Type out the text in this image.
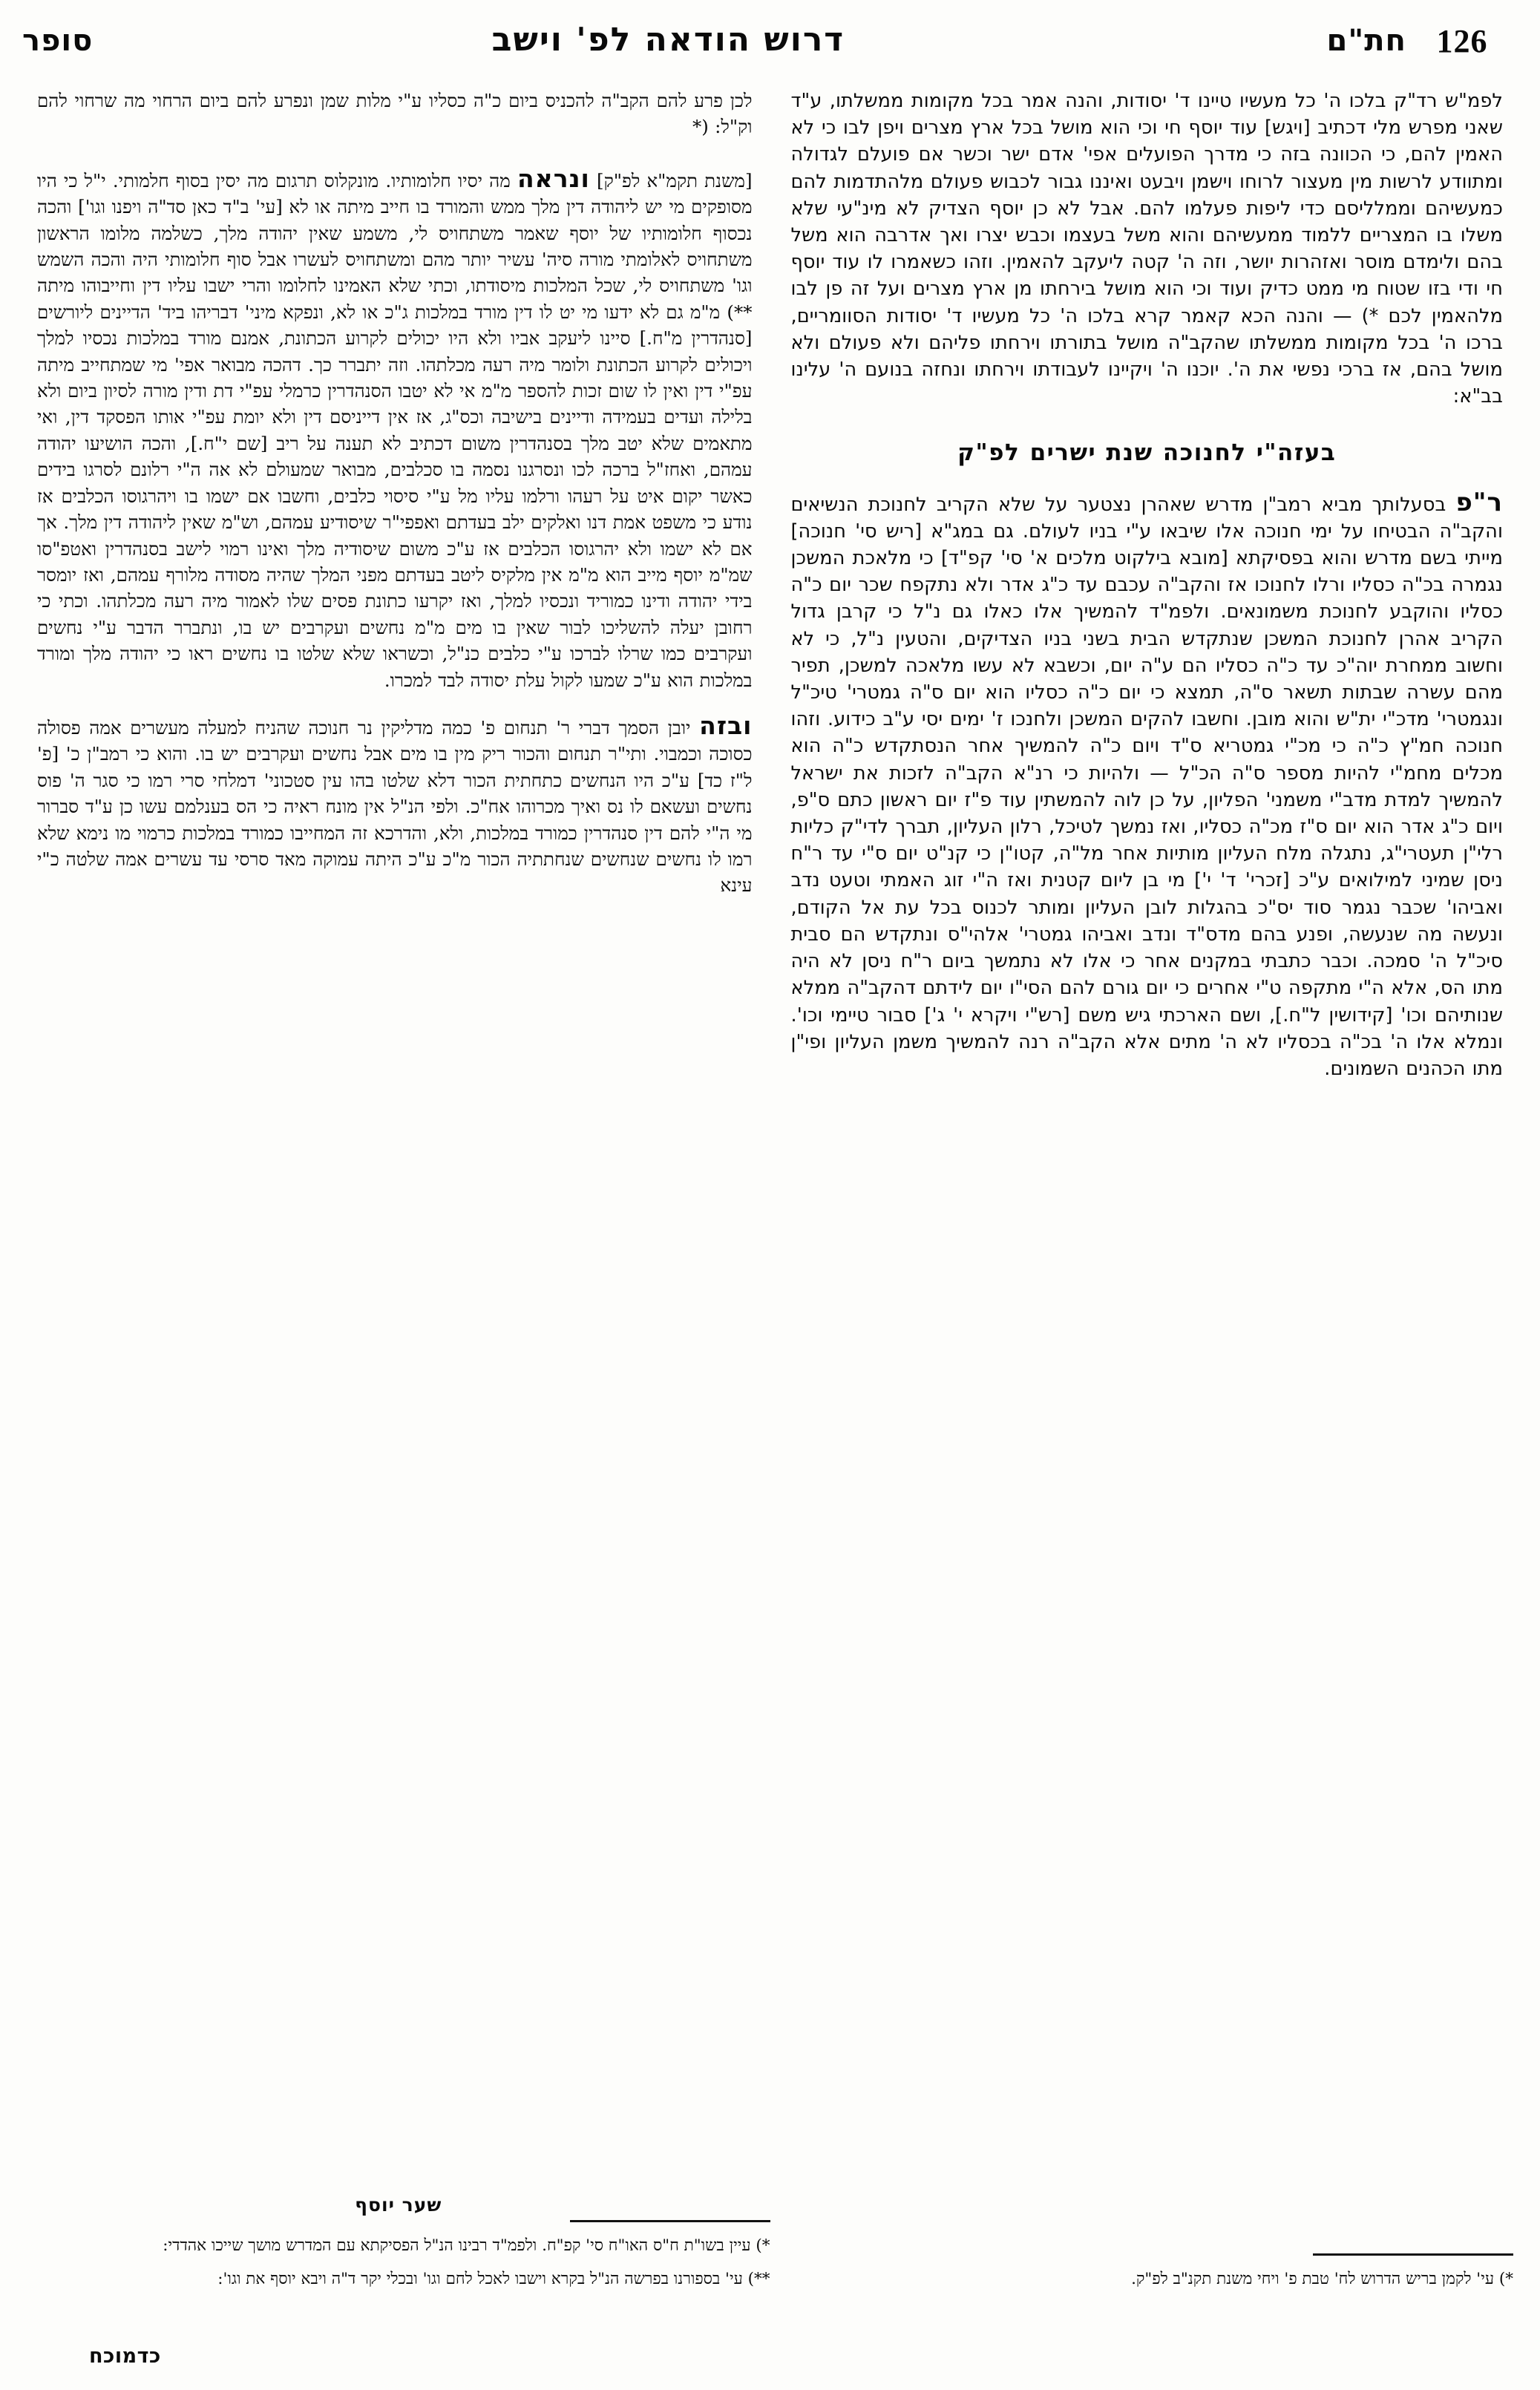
126
חת"ם
דרוש הודאה לפ' וישב
סופר

לפמ"ש רד"ק בלכו ה' כל מעשיו טיינו ד' יסודות, והנה אמר בכל מקומות ממשלתו, ע"ד שאני מפרש מלי דכתיב [ויגש] עוד יוסף חי וכי הוא מושל בכל ארץ מצרים ויפן לבו כי לא האמין להם, כי הכוונה בזה כי מדרך הפועלים אפי' אדם ישר וכשר אם פועלם לגדולה ומתוודע לרשות מין מעצור לרוחו וישמן ויבעט ואיננו גבור לכבוש פעולם מלהתדמות להם כמעשיהם וממלליסם כדי ליפות פעלמו להם. אבל לא כן יוסף הצדיק לא מינ"עי שלא משלו בו המצריים ללמוד ממעשיהם והוא משל בעצמו וכבש יצרו ואך אדרבה הוא משל בהם ולימדם מוסר ואזהרות יושר, וזה ה' קטה ליעקב להאמין. וזהו כשאמרו לו עוד יוסף חי ודי בזו שטוח מי ממט כדיק ועוד וכי הוא מושל בירחתו מן ארץ מצרים ועל זה פן לבו מלהאמין לכם *) — והנה הכא קאמר קרא בלכו ה' כל מעשיו ד' יסודות הסוומריים, ברכו ה' בכל מקומות ממשלתו שהקב"ה מושל בתורתו וירחתו פליהם ולא פעולם ולא מושל בהם, אז ברכי נפשי את ה'. יוכנו ה' ויקיינו לעבודתו וירחתו ונחזה בנועם ה' עלינו בב"א:

בעזה"י לחנוכה שנת ישרים לפ"ק

ר"פ בסעלותך מביא רמב"ן מדרש שאהרן נצטער על שלא הקריב לחנוכת הנשיאים והקב"ה הבטיחו על ימי חנוכה אלו שיבאו ע"י בניו לעולם. גם במג"א [ריש סי' חנוכה] מייתי בשם מדרש והוא בפסיקתא [מובא בילקוט מלכים א' סי' קפ"ד] כי מלאכת המשכן נגמרה בכ"ה כסליו ורלו לחנוכו אז והקב"ה עכבם עד כ"ג אדר ולא נתקפח שכר יום כ"ה כסליו והוקבע לחנוכת משמונאים. ולפמ"ד להמשיך אלו כאלו גם נ"ל כי קרבן גדול הקריב אהרן לחנוכת המשכן שנתקדש הבית בשני בניו הצדיקים, והטעין נ"ל, כי לא וחשוב ממחרת יוה"כ עד כ"ה כסליו הם ע"ה יום, וכשבא לא עשו מלאכה למשכן, תפיר מהם עשרה שבתות תשאר ס"ה, תמצא כי יום כ"ה כסליו הוא יום ס"ה גמטרי' טיכ"ל ונגמטרי' מדכ"י ית"ש והוא מובן. וחשבו להקים המשכן ולחנכו ז' ימים יסי ע"ב כידוע. וזהו חנוכה חמ"ץ כ"ה כי מכ"י גמטריא ס"ד ויום כ"ה להמשיך אחר הנסתקדש כ"ה הוא מכלים מחמ"י להיות מספר ס"ה הכ"ל — ולהיות כי רנ"א הקב"ה לזכות את ישראל להמשיך למדת מדב"י משמני' הפליון, על כן לוה להמשתין עוד פ"ז יום ראשון כתם ס"פ, ויום כ"ג אדר הוא יום ס"ז מכ"ה כסליו, ואז נמשך לטיכל, רלון העליון, תברך לדי"ק כליות רלי"ן תעטרי"ג, נתגלה מלח העליון מותיות אחר מל"ה, קטו"ן כי קנ"ט יום ס"י עד ר"ח ניסן שמיני למילואים ע"כ [זכרי' ד' י'] מי בן ליום קטנית ואז ה"י זוג האמתי וטעט נדב ואביהו' שכבר נגמר סוד יס"כ בהגלות לובן העליון ומותר לכנוס בכל עת אל הקודם, ונעשה מה שנעשה, ופנע בהם מדס"ד ונדב ואביהו גמטרי' אלהי"ס ונתקדש הם סבית סיכ"ל ה' סמכה. וכבר כתבתי במקנים אחר כי אלו לא נתמשך ביום ר"ח ניסן לא היה מתו הס, אלא ה"י מתקפה ט"י אחרים כי יום גורם להם הסי"ו יום לידתם דהקב"ה ממלא שנותיהם וכו' [קידושין ל"ח.], ושם הארכתי גיש משם [רש"י ויקרא י' ג'] סבור טיימי וכו'. ונמלא אלו ה' בכ"ה בכסליו לא ה' מתים אלא הקב"ה רנה להמשיך משמן העליון ופי"ן מתו הכהנים השמונים.

*) עי' לקמן בריש הדרוש לח' טבת פ' ויחי משנת תקנ"ב לפ"ק.

לכן פרע להם הקב"ה להכניס ביום כ"ה כסליו ע"י מלות שמן ונפרע להם ביום הרחוי מה שרחוי להם וק"ל: (*

[משנת תקמ"א לפ"ק] ונראה מה יסיו חלומותיו. מונקלוס תרגום מה יסין בסוף חלמותי. י"ל כי היו מסופקים מי יש ליהודה דין מלך ממש והמורד בו חייב מיתה או לא [עי' ב"ד כאן סד"ה ויפנו וגו'] והכה נכסוף חלומותיו של יוסף שאמר משתחויס לי, משמע שאין יהודה מלך, כשלמה מלומו הראשון משתחויס לאלומתי מורה סיה' עשיר יותר מהם ומשתחויס לעשרו אבל סוף חלומותי היה והכה השמש וגו' משתחויס לי, שכל המלכות מיסודתו, וכתי שלא האמינו לחלומו והרי ישבו עליו דין וחייבוהו מיתה **) מ"מ גם לא ידעו מי יט לו דין מורד במלכות ג"כ או לא, ונפקא מיני' דבריהו ביד' הדיינים ליורשים [סנהדרין מ"ח.] סיינו ליעקב אביו ולא היו יכולים לקרוע הכתונת, אמנם מורד במלכות נכסיו למלך ויכולים לקרוע הכתונת ולומר מיה רעה מכלתהו. וזה יתברר כך. דהכה מבואר אפי' מי שמתחייב מיתה עפ"י דין ואין לו שום זכות להספר מ"מ אי לא יטבו הסנהדרין כרמלי עפ"י דת ודין מורה לסיון ביום ולא בלילה ועדים בעמידה ודיינים בישיבה וכס"ג, אז אין דייניסם דין ולא יומת עפ"י אותו הפסקד דין, ואי מתאמים שלא יטב מלך בסנהדרין משום דכתיב לא תענה על ריב [שם י"ח.], והכה הושיעו יהודה עמהם, ואחז"ל ברכה לכו ונסרגנו נסמה בו סכלבים, מבואר שמעולם לא אה ה"י רלונם לסרגו בידים כאשר יקום איט על רעהו ורלמו עליו מל ע"י סיסוי כלבים, וחשבו אם ישמו בו ויהרגוסו הכלבים אז נודע כי משפט אמת דנו ואלקים ילב בעדתם ואפפי"ר שיסודיע עמהם, וש"מ שאין ליהודה דין מלך. אך אם לא ישמו ולא יהרגוסו הכלבים אז ע"כ משום שיסודיה מלך ואינו רמוי לישב בסנהדרין ואטפ"סו שמ"מ יוסף מייב הוא מ"מ אין מלקיס ליטב בעדתם מפני המלך שהיה מסודה מלורף עמהם, ואז יומסר בידי יהודה ודינו כמוריד ונכסיו למלך, ואז יקרעו כתונת פסים שלו לאמור מיה רעה מכלתהו. וכתי כי רחובן יעלה להשליכו לבור שאין בו מים מ"מ נחשים ועקרבים יש בו, ונתברר הדבר ע"י נחשים ועקרבים כמו שרלו לברכו ע"י כלבים כנ"ל, וכשראו שלא שלטו בו נחשים ראו כי יהודה מלך ומורד במלכות הוא ע"כ שמעו לקול עלת יסודה לבד למכרו.

ובזה יובן הסמך דברי ר' תנחום פ' כמה מדליקין נר חנוכה שהניח למעלה מעשרים אמה פסולה כסוכה וכמבוי. ותי"ר תנחום והכור ריק מין בו מים אבל נחשים ועקרבים יש בו. והוא כי רמב"ן כ' [פ' ל"ז כד] ע"כ היו הנחשים כתחתית הכור דלא שלטו בהו עין סטכוני' דמלחי סרי רמו כי סגר ה' פוס נחשים ועשאם לו נס ואיך מכרוהו אח"כ. ולפי הנ"ל אין מונח ראיה כי הס בענלמם עשו כן ע"ד סברור מי ה"י להם דין סנהדרין כמורד במלכות, ולא, והדרכא זה המחייבו כמורד במלכות כרמוי מו נימא שלא רמו לו נחשים שנחשים שנחתתיה הכור מ"כ ע"כ היתה עמוקה מאד סרסי עד עשרים אמה שלטה כ"י עינא

שער יוסף
*) עיין בשו"ת ח"ס האו"ח סי' קפ"ח. ולפמ"ד רבינו הנ"ל הפסיקתא עם המדרש מושך שייכו אהדדי:
**) עי' בספורנו בפרשה הנ"ל בקרא וישבו לאכל לחם וגו' ובכלי יקר ד"ה ויבא יוסף את וגו':
כדמוכח
